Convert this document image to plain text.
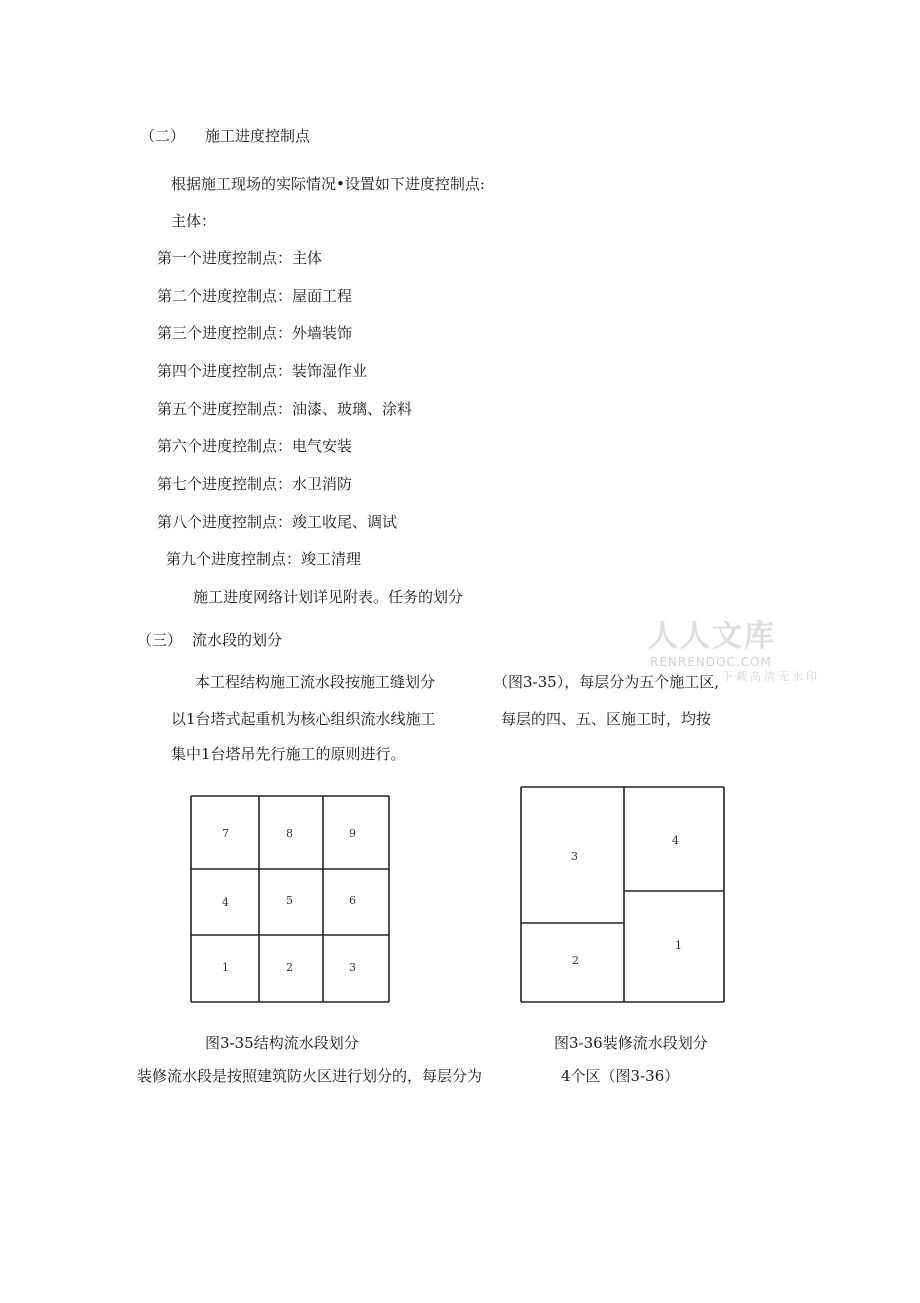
（二） 施工进度控制点
根据施工现场的实际情况•设置如下进度控制点:
主体：
第一个进度控制点：主体
第二个进度控制点：屋面工程
第三个进度控制点：外墙装饰
第四个进度控制点：装饰湿作业
第五个进度控制点：油漆、玻璃、涂料
第六个进度控制点：电气安装
第七个进度控制点：水卫消防
第八个进度控制点：竣工收尾、调试
第九个进度控制点：竣工清理
施工进度网络计划详见附表。任务的划分
（三） 流水段的划分
本工程结构施工流水段按施工缝划分	（图3-35），每层分为五个施工区,
以1台塔式起重机为核心组织流水线施工	每层的四、五、区施工时，均按
集中1台塔吊先行施工的原则进行。
人人文库
RENRENDOC.COM
下载高清无水印
7	8	9
4	5	6
1	2	3
3
4
2
1
图3-35结构流水段划分	图3-36装修流水段划分
装修流水段是按照建筑防火区进行划分的，每层分为	4个区（图3-36）
